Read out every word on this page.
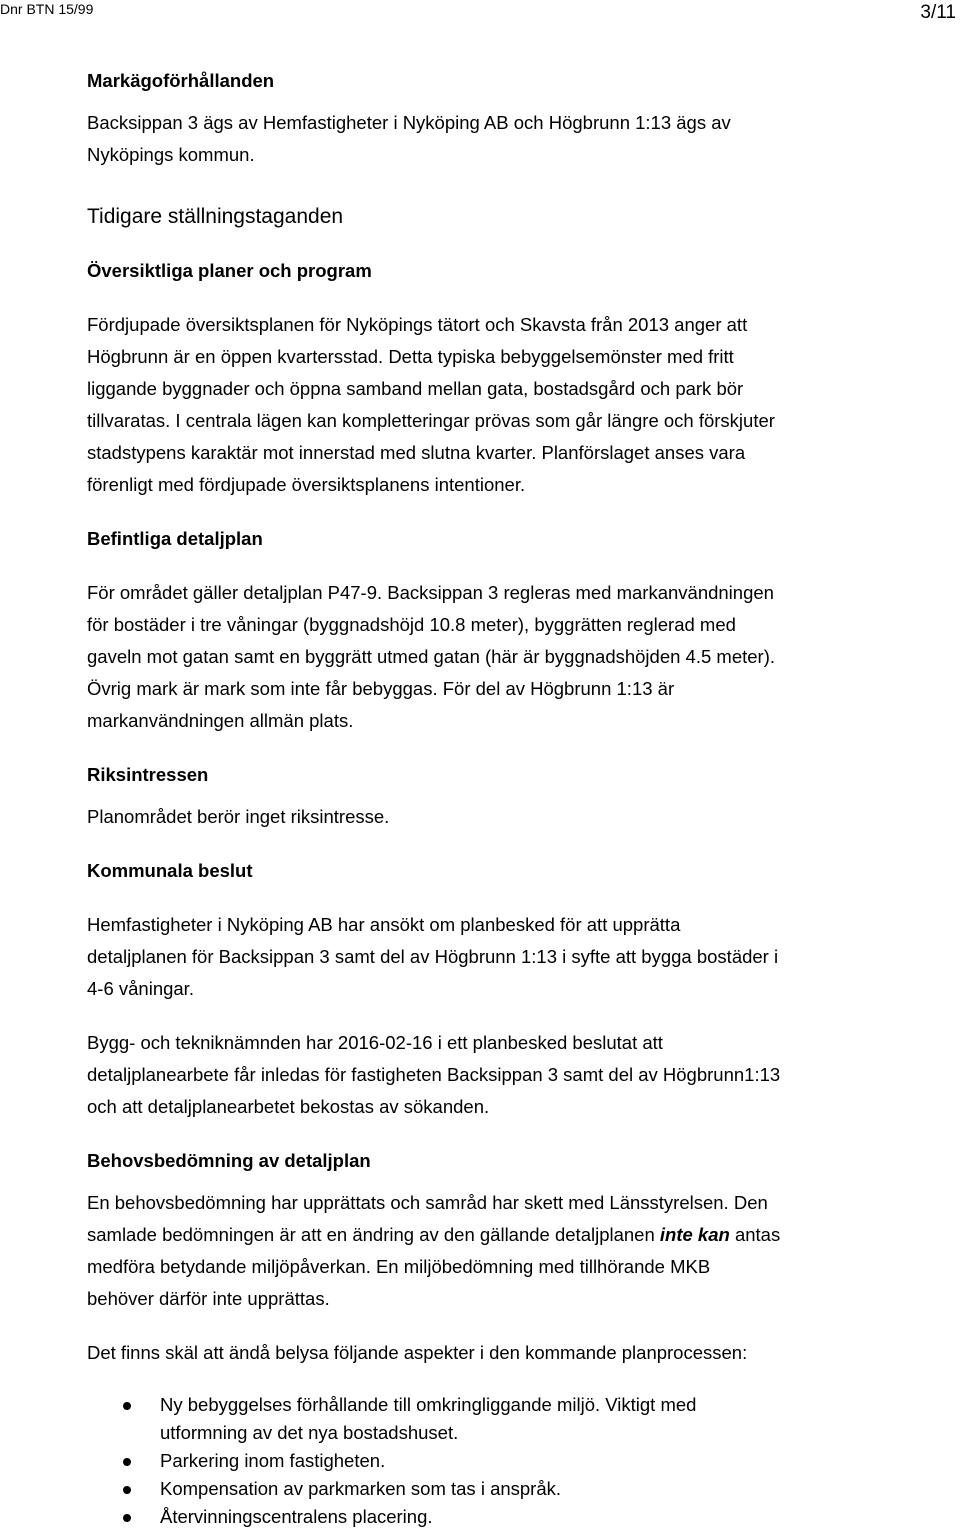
Dnr BTN 15/99	3/11

Markägoförhållanden

Backsippan 3 ägs av Hemfastigheter i Nyköping AB och Högbrunn 1:13 ägs av

Nyköpings kommun.

Tidigare ställningstaganden

Översiktliga planer och program

Fördjupade översiktsplanen för Nyköpings tätort och Skavsta från 2013 anger att

Högbrunn är en öppen kvartersstad. Detta typiska bebyggelsemönster med fritt

liggande byggnader och öppna samband mellan gata, bostadsgård och park bör

tillvaratas. I centrala lägen kan kompletteringar prövas som går längre och förskjuter

stadstypens karaktär mot innerstad med slutna kvarter. Planförslaget anses vara

förenligt med fördjupade översiktsplanens intentioner.

Befintliga detaljplan

För området gäller detaljplan P47-9. Backsippan 3 regleras med markanvändningen

för bostäder i tre våningar (byggnadshöjd 10.8 meter), byggrätten reglerad med

gaveln mot gatan samt en byggrätt utmed gatan (här är byggnadshöjden 4.5 meter).

Övrig mark är mark som inte får bebyggas. För del av Högbrunn 1:13 är

markanvändningen allmän plats.

Riksintressen

Planområdet berör inget riksintresse.

Kommunala beslut

Hemfastigheter i Nyköping AB har ansökt om planbesked för att upprätta

detaljplanen för Backsippan 3 samt del av Högbrunn 1:13 i syfte att bygga bostäder i

4-6 våningar.

Bygg- och tekniknämnden har 2016-02-16 i ett planbesked beslutat att

detaljplanearbete får inledas för fastigheten Backsippan 3 samt del av Högbrunn1:13

och att detaljplanearbetet bekostas av sökanden.

Behovsbedömning av detaljplan

En behovsbedömning har upprättats och samråd har skett med Länsstyrelsen. Den

samlade bedömningen är att en ändring av den gällande detaljplanen inte kan antas

medföra betydande miljöpåverkan. En miljöbedömning med tillhörande MKB

behöver därför inte upprättas.

Det finns skäl att ändå belysa följande aspekter i den kommande planprocessen:

Ny bebyggelses förhållande till omkringliggande miljö. Viktigt med
utformning av det nya bostadshuset.
Parkering inom fastigheten.
Kompensation av parkmarken som tas i anspråk.
Återvinningscentralens placering.
